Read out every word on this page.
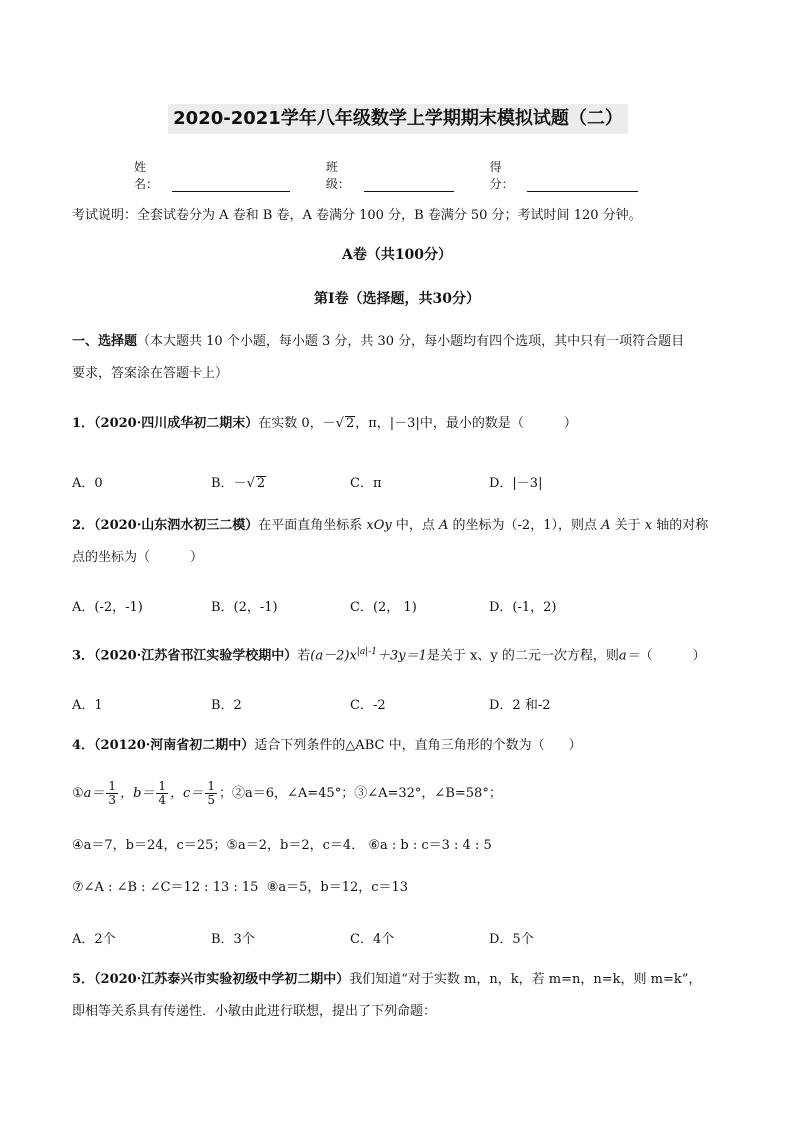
2020-2021学年八年级数学上学期期末模拟试题（二）
姓名：
班级：
得分：
考试说明：全套试卷分为 A 卷和 B 卷，A 卷满分 100 分，B 卷满分 50 分；考试时间 120 分钟。
A卷（共100分）
第Ⅰ卷（选择题，共30分）
一、选择题（本大题共 10 个小题，每小题 3 分，共 30 分，每小题均有四个选项，其中只有一项符合题目
要求，答案涂在答题卡上）
1．（2020·四川成华初二期末）在实数 0，－√ 2，π，|－3|中，最小的数是（	）
A．0	B．－√ 2	C．π	D．|－3|
2．（2020·山东泗水初三二模）在平面直角坐标系 xOy 中，点 A 的坐标为（-2，1），则点 A 关于 x 轴的对称
点的坐标为（	）
A．(-2，-1)	B．(2，-1)	C．(2， 1)	D．(-1，2)
3．（2020·江苏省邗江实验学校期中）若$(a-2)x^{|a|-1}+3y=1$是关于 x、y 的二元一次方程，则a＝（	）
A．1	B．2	C．-2	D．2 和-2
4．（20120·河南省初二期中）适合下列条件的△ABC 中，直角三角形的个数为（ ）
①a＝ $\frac{1}{3}$ ，$b= \frac{1}{4}$ ，$c= \frac{1}{5}$ ；②a＝6，∠A=45°；③∠A=32°，∠B=58°；
④a＝7，b＝24，c＝25；⑤a＝2，b＝2，c＝4． ⑥a : b : c＝3 : 4 : 5
⑦∠A : ∠B : ∠C＝12 : 13 : 15 ⑧a＝5，b＝12，c＝13
A．2个	B．3个	C．4个	D．5个
5．（2020·江苏泰兴市实验初级中学初二期中）我们知道“对于实数 m，n，k，若 m=n，n=k，则 m=k”，
即相等关系具有传递性．小敏由此进行联想，提出了下列命题：
